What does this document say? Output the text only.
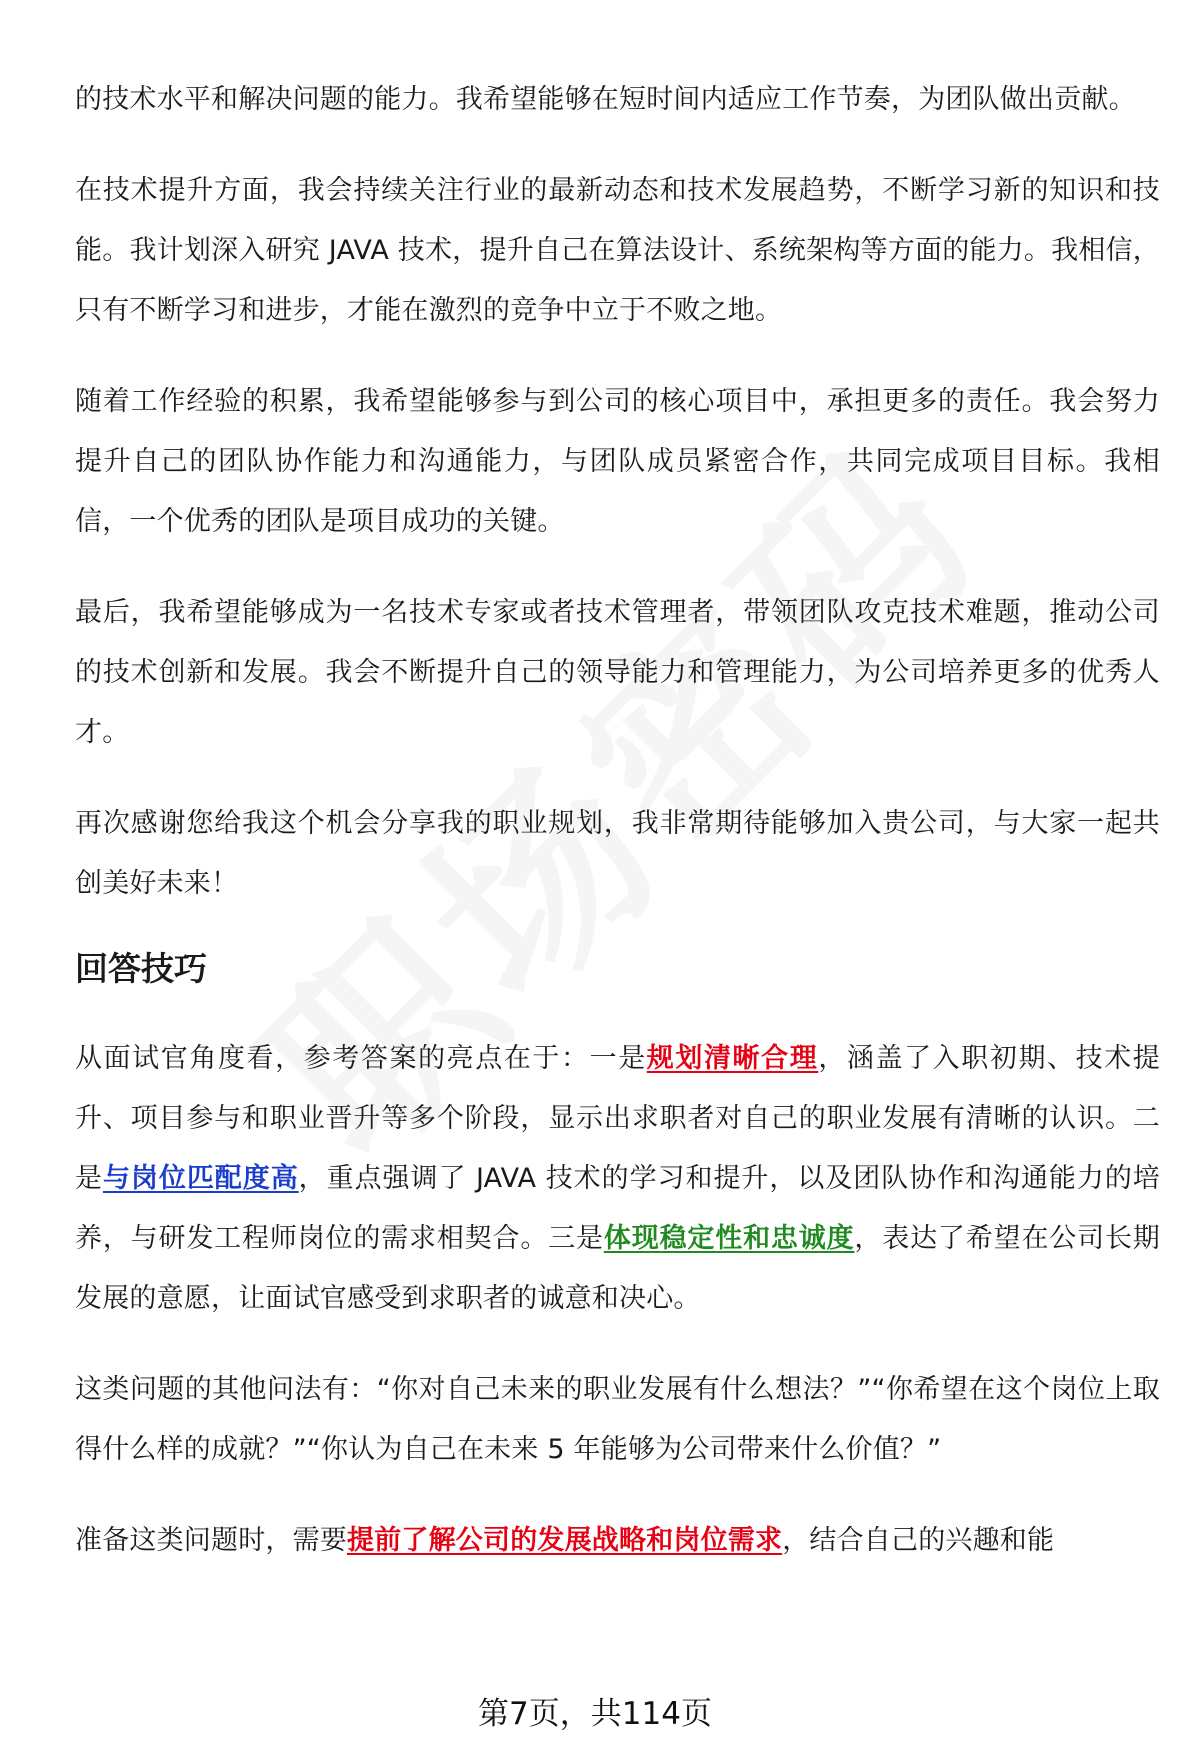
的技术水平和解决问题的能力。我希望能够在短时间内适应工作节奏，为团队做出贡献。

在技术提升方面，我会持续关注行业的最新动态和技术发展趋势，不断学习新的知识和技能。我计划深入研究 JAVA 技术，提升自己在算法设计、系统架构等方面的能力。我相信，只有不断学习和进步，才能在激烈的竞争中立于不败之地。

随着工作经验的积累，我希望能够参与到公司的核心项目中，承担更多的责任。我会努力提升自己的团队协作能力和沟通能力，与团队成员紧密合作，共同完成项目目标。我相信，一个优秀的团队是项目成功的关键。

最后，我希望能够成为一名技术专家或者技术管理者，带领团队攻克技术难题，推动公司的技术创新和发展。我会不断提升自己的领导能力和管理能力，为公司培养更多的优秀人才。

再次感谢您给我这个机会分享我的职业规划，我非常期待能够加入贵公司，与大家一起共创美好未来！

回答技巧

从面试官角度看，参考答案的亮点在于：一是规划清晰合理，涵盖了入职初期、技术提升、项目参与和职业晋升等多个阶段，显示出求职者对自己的职业发展有清晰的认识。二是与岗位匹配度高，重点强调了 JAVA 技术的学习和提升，以及团队协作和沟通能力的培养，与研发工程师岗位的需求相契合。三是体现稳定性和忠诚度，表达了希望在公司长期发展的意愿，让面试官感受到求职者的诚意和决心。

这类问题的其他问法有：“你对自己未来的职业发展有什么想法？”“你希望在这个岗位上取得什么样的成就？”“你认为自己在未来 5 年能够为公司带来什么价值？”

准备这类问题时，需要提前了解公司的发展战略和岗位需求，结合自己的兴趣和能

第7页，共114页
